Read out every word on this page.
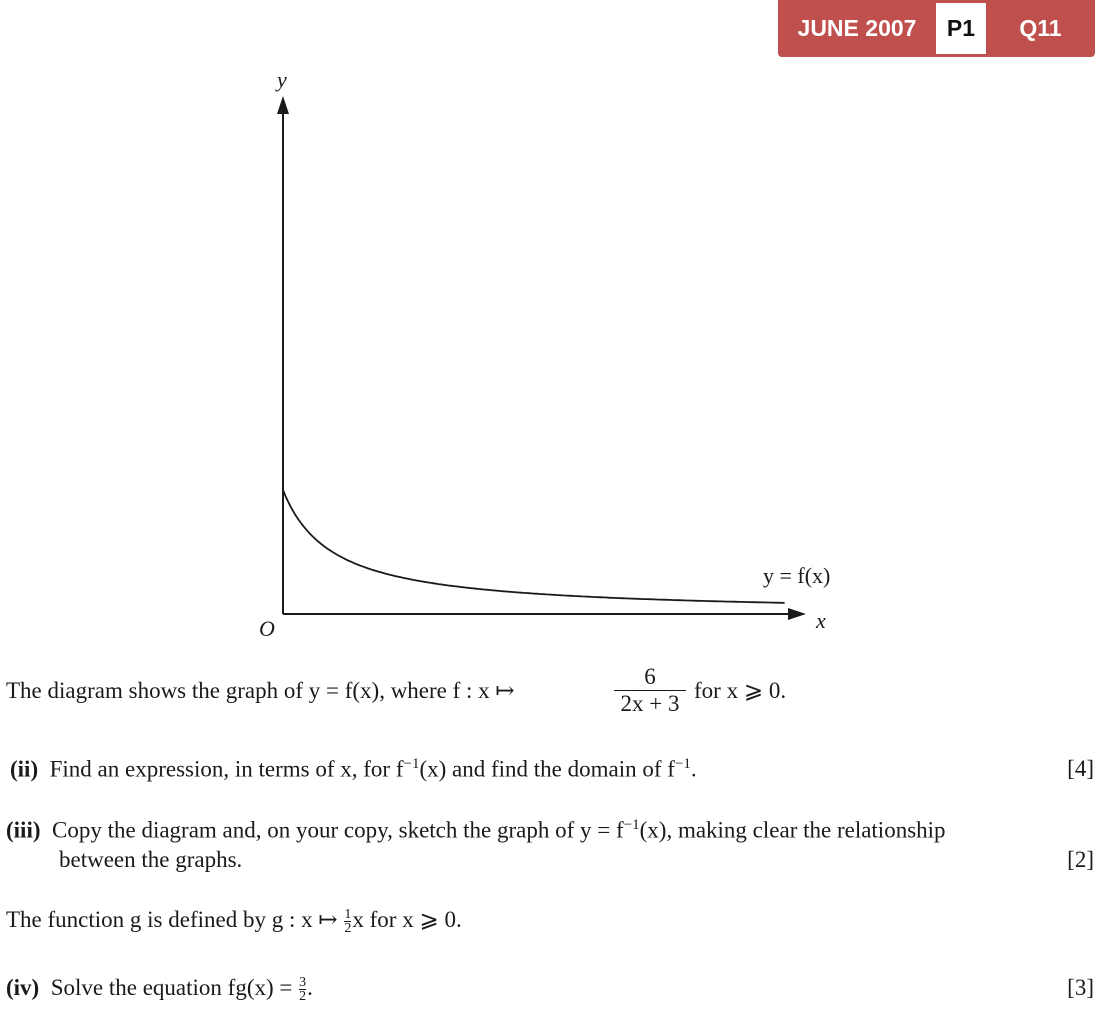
JUNE 2007	P1	Q11
y
x
O
y = f(x)
The diagram shows the graph of y = f(x), where f : x ↦
6
2x + 3
for x ⩾ 0.
(ii) Find an expression, in terms of x, for $f^{-1}(x)$ and find the domain of $f^{-1}$.	[4]
(iii) Copy the diagram and, on your copy, sketch the graph of $y = f^{-1}(x)$, making clear the relationship
between the graphs.	[2]
The function g is defined by g : x ↦ $\frac{1}{2}$ x for x ⩾ 0.
(iv) Solve the equation $fg(x) = \frac{3}{2}$ .	[3]
